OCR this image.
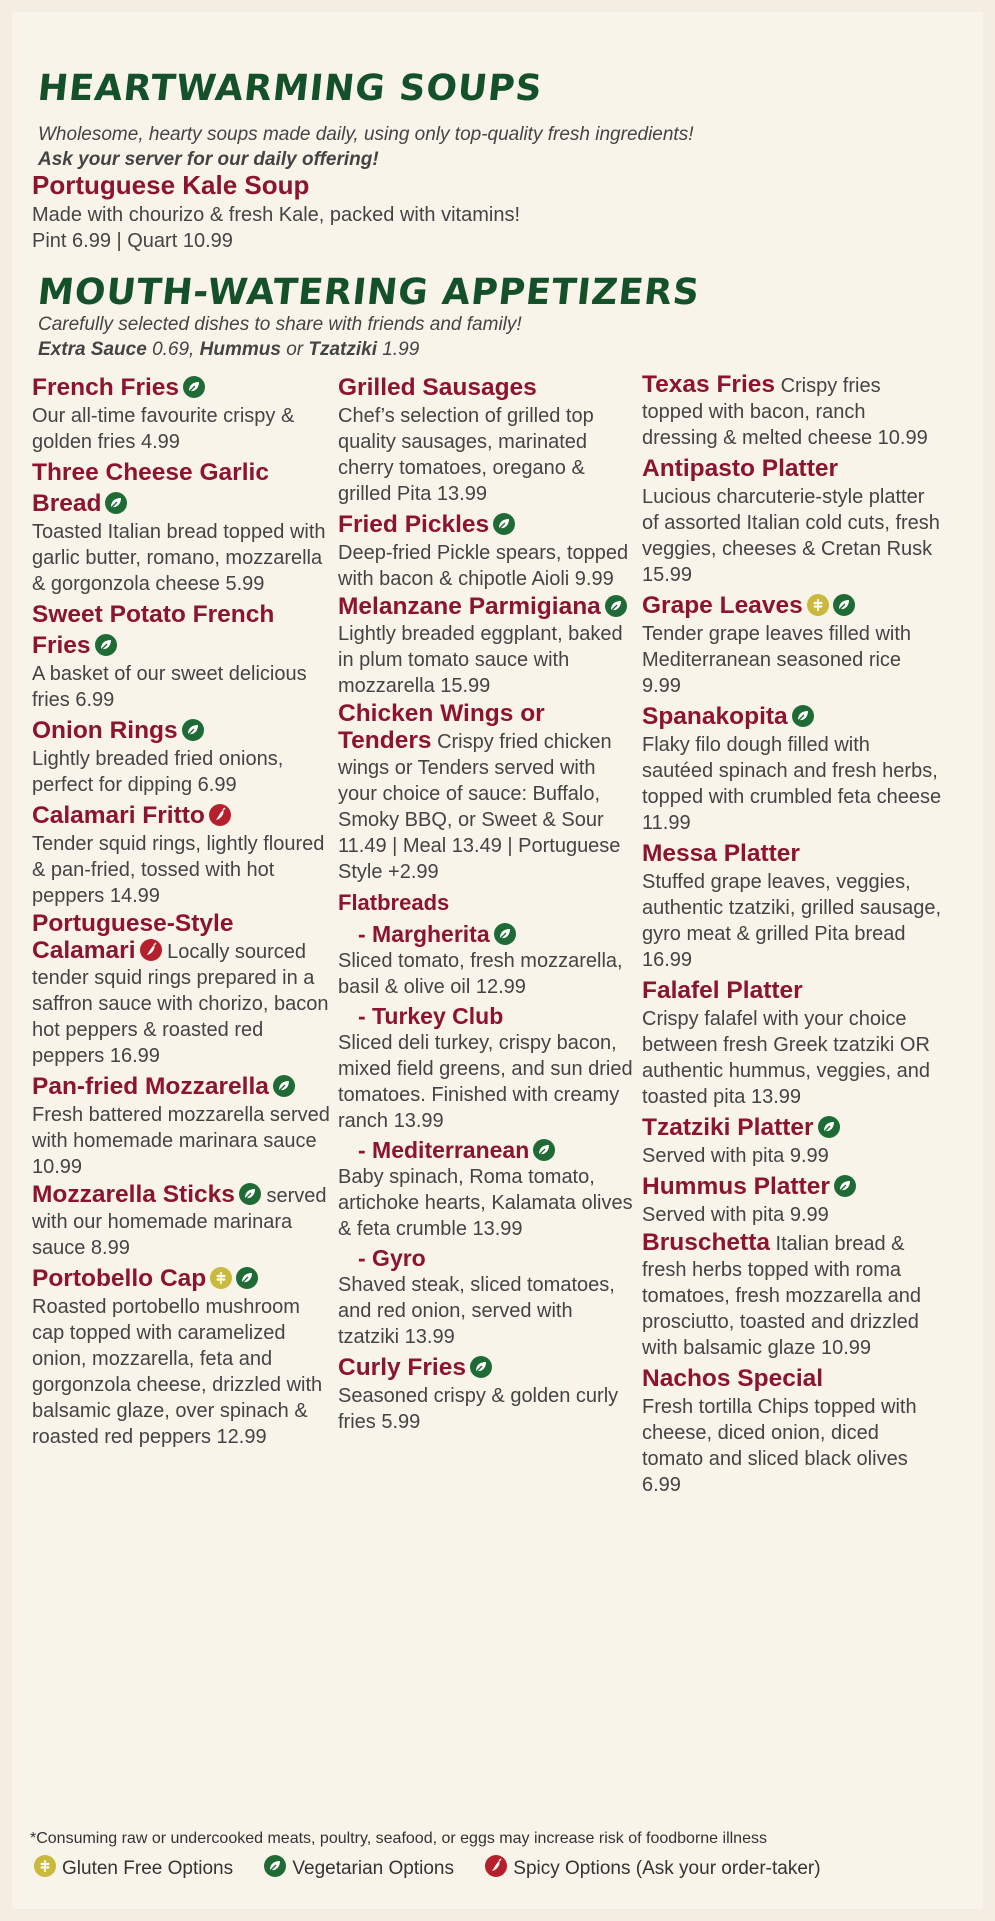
HEARTWARMING SOUPS
Wholesome, hearty soups made daily, using only top-quality fresh ingredients!
Ask your server for our daily offering!
Portuguese Kale Soup
Made with chourizo & fresh Kale, packed with vitamins!
Pint 6.99 | Quart 10.99
MOUTH-WATERING APPETIZERS
Carefully selected dishes to share with friends and family!
Extra Sauce 0.69, Hummus or Tzatziki 1.99
French Fries
Our all-time favourite crispy & golden fries 4.99
Three Cheese Garlic Bread
Toasted Italian bread topped with garlic butter, romano, mozzarella & gorgonzola cheese 5.99
Sweet Potato French Fries
A basket of our sweet delicious fries 6.99
Onion Rings
Lightly breaded fried onions, perfect for dipping 6.99
Calamari Fritto
Tender squid rings, lightly floured & pan-fried, tossed with hot peppers 14.99
Portuguese-Style Calamari Locally sourced tender squid rings prepared in a saffron sauce with chorizo, bacon hot peppers & roasted red peppers 16.99
Pan-fried Mozzarella
Fresh battered mozzarella served with homemade marinara sauce 10.99
Mozzarella Sticks served with our homemade marinara sauce 8.99
Portobello Cap
Roasted portobello mushroom cap topped with caramelized onion, mozzarella, feta and gorgonzola cheese, drizzled with balsamic glaze, over spinach & roasted red peppers 12.99
Grilled Sausages
Chef’s selection of grilled top quality sausages, marinated cherry tomatoes, oregano & grilled Pita 13.99
Fried Pickles
Deep-fried Pickle spears, topped with bacon & chipotle Aioli 9.99
Melanzane Parmigiana
Lightly breaded eggplant, baked in plum tomato sauce with mozzarella 15.99
Chicken Wings or Tenders Crispy fried chicken wings or Tenders served with your choice of sauce: Buffalo, Smoky BBQ, or Sweet & Sour 11.49 | Meal 13.49 | Portuguese Style +2.99
Flatbreads
- Margherita
Sliced tomato, fresh mozzarella, basil & olive oil 12.99
- Turkey Club
Sliced deli turkey, crispy bacon, mixed field greens, and sun dried tomatoes. Finished with creamy ranch 13.99
- Mediterranean
Baby spinach, Roma tomato, artichoke hearts, Kalamata olives & feta crumble 13.99
- Gyro
Shaved steak, sliced tomatoes, and red onion, served with tzatziki 13.99
Curly Fries
Seasoned crispy & golden curly fries 5.99
Texas Fries Crispy fries topped with bacon, ranch dressing & melted cheese 10.99
Antipasto Platter
Lucious charcuterie-style platter of assorted Italian cold cuts, fresh veggies, cheeses & Cretan Rusk 15.99
Grape Leaves
Tender grape leaves filled with Mediterranean seasoned rice 9.99
Spanakopita
Flaky filo dough filled with sautéed spinach and fresh herbs, topped with crumbled feta cheese 11.99
Messa Platter
Stuffed grape leaves, veggies, authentic tzatziki, grilled sausage, gyro meat & grilled Pita bread 16.99
Falafel Platter
Crispy falafel with your choice between fresh Greek tzatziki OR authentic hummus, veggies, and toasted pita 13.99
Tzatziki Platter
Served with pita 9.99
Hummus Platter
Served with pita 9.99
Bruschetta Italian bread & fresh herbs topped with roma tomatoes, fresh mozzarella and prosciutto, toasted and drizzled with balsamic glaze 10.99
Nachos Special
Fresh tortilla Chips topped with cheese, diced onion, diced tomato and sliced black olives 6.99
*Consuming raw or undercooked meats, poultry, seafood, or eggs may increase risk of foodborne illness
Gluten Free Options	Vegetarian Options	Spicy Options (Ask your order-taker)
